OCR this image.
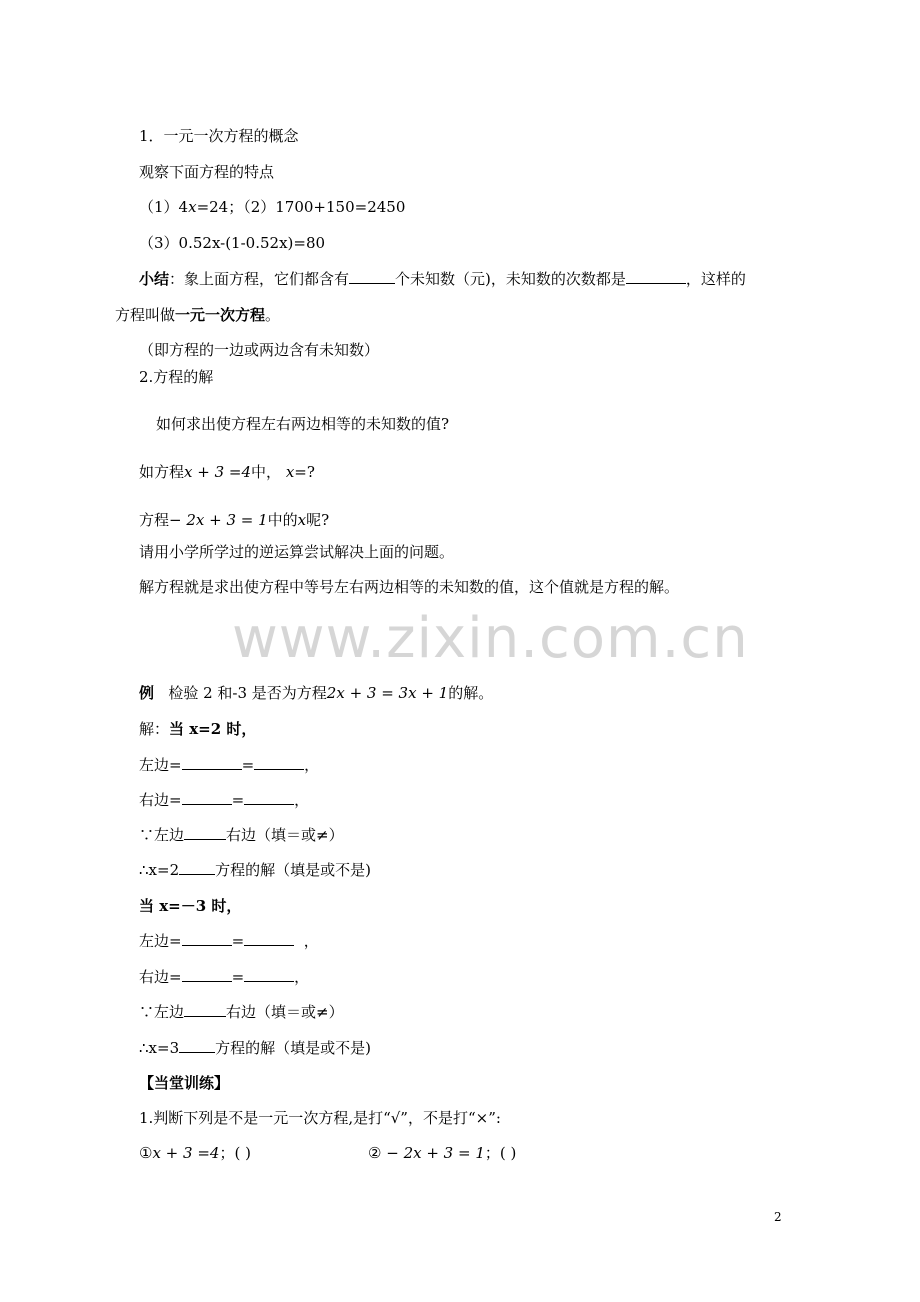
1．一元一次方程的概念
观察下面方程的特点
（1）4x=24；（2）1700+150=2450
（3）0.52x-(1-0.52x)=80
小结：象上面方程，它们都含有	个未知数（元)，未知数的次数都是	，这样的
方程叫做一元一次方程。
（即方程的一边或两边含有未知数）
2.方程的解
如何求出使方程左右两边相等的未知数的值?
如方程x + 3 =4中， x=?
方程− 2x + 3 = 1中的x呢?
请用小学所学过的逆运算尝试解决上面的问题。
解方程就是求出使方程中等号左右两边相等的未知数的值，这个值就是方程的解。
www.zixin.com.cn
例 检验 2 和-3 是否为方程2x + 3 = 3x + 1的解。
解：当 x=2 时，
左边=	=	，
右边=	=	，
∵左边	右边（填＝或≠）
∴x=2 方程的解（填是或不是)
当 x=－3 时，
左边=	=	，
右边=	=	，
∵左边	右边（填＝或≠）
∴x=3 方程的解（填是或不是)
【当堂训练】
1.判断下列是不是一元一次方程,是打“√”，不是打“×”:
①x + 3 =4；( )	② − 2x + 3 = 1；( )
2
